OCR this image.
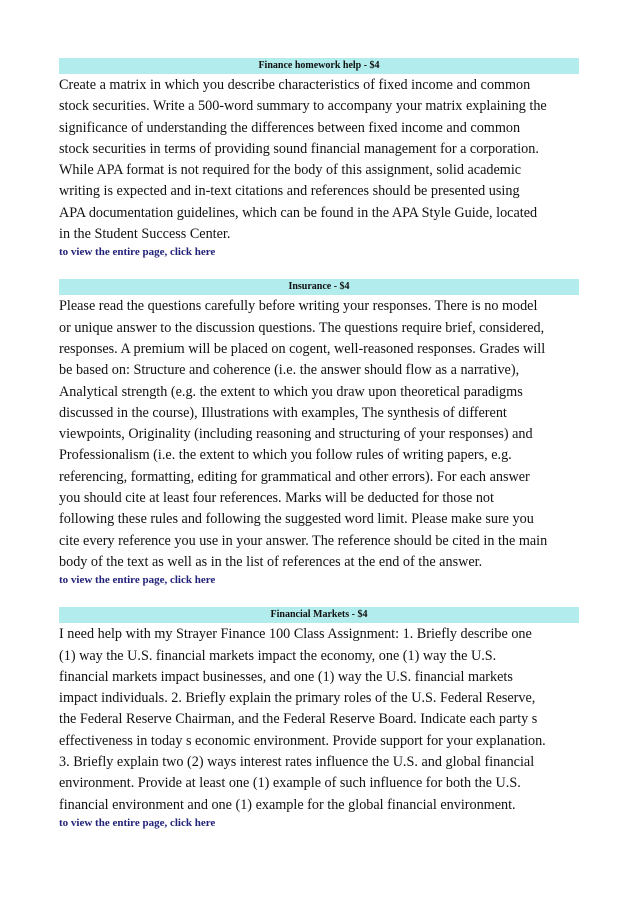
Finance homework help - $4

Create a matrix in which you describe characteristics of fixed income and common
stock securities. Write a 500-word summary to accompany your matrix explaining the
significance of understanding the differences between fixed income and common
stock securities in terms of providing sound financial management for a corporation.
While APA format is not required for the body of this assignment, solid academic
writing is expected and in-text citations and references should be presented using
APA documentation guidelines, which can be found in the APA Style Guide, located
in the Student Success Center.

to view the entire page, click here
Insurance - $4

Please read the questions carefully before writing your responses. There is no model
or unique answer to the discussion questions. The questions require brief, considered,
responses. A premium will be placed on cogent, well-reasoned responses. Grades will
be based on: Structure and coherence (i.e. the answer should flow as a narrative),
Analytical strength (e.g. the extent to which you draw upon theoretical paradigms
discussed in the course), Illustrations with examples, The synthesis of different
viewpoints, Originality (including reasoning and structuring of your responses) and
Professionalism (i.e. the extent to which you follow rules of writing papers, e.g.
referencing, formatting, editing for grammatical and other errors). For each answer
you should cite at least four references. Marks will be deducted for those not
following these rules and following the suggested word limit. Please make sure you
cite every reference you use in your answer. The reference should be cited in the main
body of the text as well as in the list of references at the end of the answer.

to view the entire page, click here
Financial Markets - $4

I need help with my Strayer Finance 100 Class Assignment: 1. Briefly describe one
(1) way the U.S. financial markets impact the economy, one (1) way the U.S.
financial markets impact businesses, and one (1) way the U.S. financial markets
impact individuals. 2. Briefly explain the primary roles of the U.S. Federal Reserve,
the Federal Reserve Chairman, and the Federal Reserve Board. Indicate each party s
effectiveness in today s economic environment. Provide support for your explanation.
3. Briefly explain two (2) ways interest rates influence the U.S. and global financial
environment. Provide at least one (1) example of such influence for both the U.S.
financial environment and one (1) example for the global financial environment.

to view the entire page, click here
